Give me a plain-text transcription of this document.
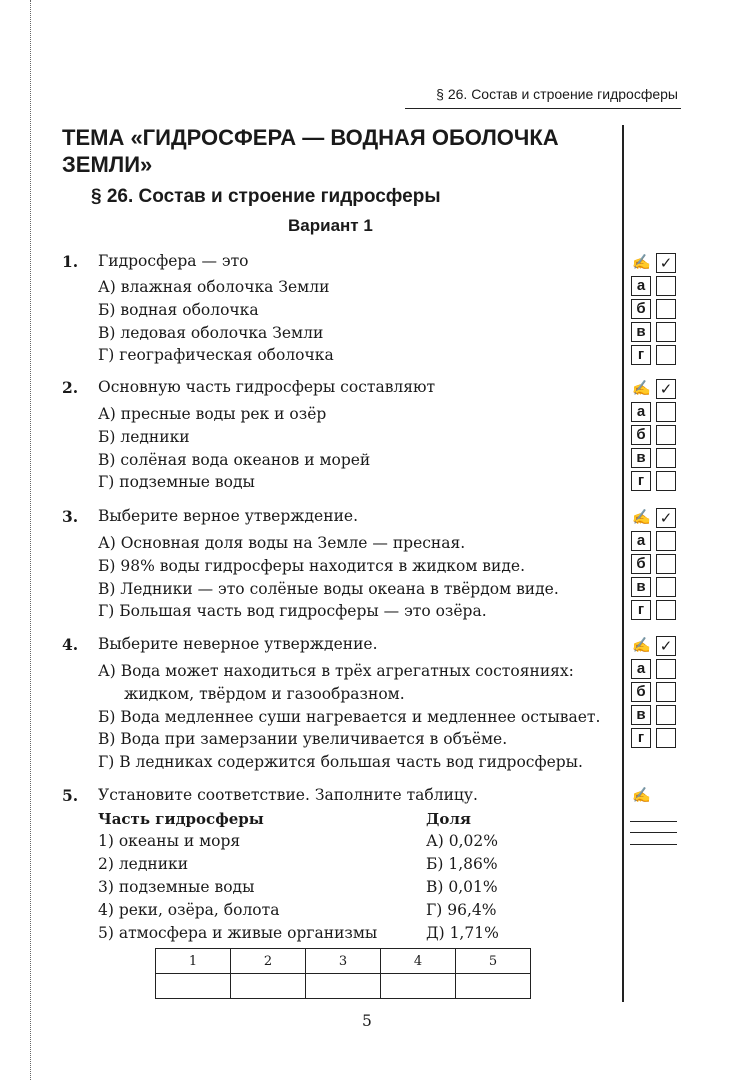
§ 26. Состав и строение гидросферы
ТЕМА «ГИДРОСФЕРА — ВОДНАЯ ОБОЛОЧКА
ЗЕМЛИ»
§ 26. Состав и строение гидросферы
Вариант 1
1. Гидросфера — это
А) влажная оболочка Земли
Б) водная оболочка
В) ледовая оболочка Земли
Г) географическая оболочка
2. Основную часть гидросферы составляют
А) пресные воды рек и озёр
Б) ледники
В) солёная вода океанов и морей
Г) подземные воды
3. Выберите верное утверждение.
А) Основная доля воды на Земле — пресная.
Б) 98% воды гидросферы находится в жидком виде.
В) Ледники — это солёные воды океана в твёрдом виде.
Г) Большая часть вод гидросферы — это озёра.
4. Выберите неверное утверждение.
А) Вода может находиться в трёх агрегатных состояниях:
жидком, твёрдом и газообразном.
Б) Вода медленнее суши нагревается и медленнее остывает.
В) Вода при замерзании увеличивается в объёме.
Г) В ледниках содержится большая часть вод гидросферы.
5. Установите соответствие. Заполните таблицу.
Часть гидросферы	Доля
1) океаны и моря	А) 0,02%
2) ледники	Б) 1,86%
3) подземные воды	В) 0,01%
4) реки, озёра, болота	Г) 96,4%
5) атмосфера и живые организмы	Д) 1,71%
1	2	3	4	5

✍
5
✍ ✓
а
б
в
г
✍ ✓
а
б
в
г
✍ ✓
а
б
в
г
✍ ✓
а
б
в
г
